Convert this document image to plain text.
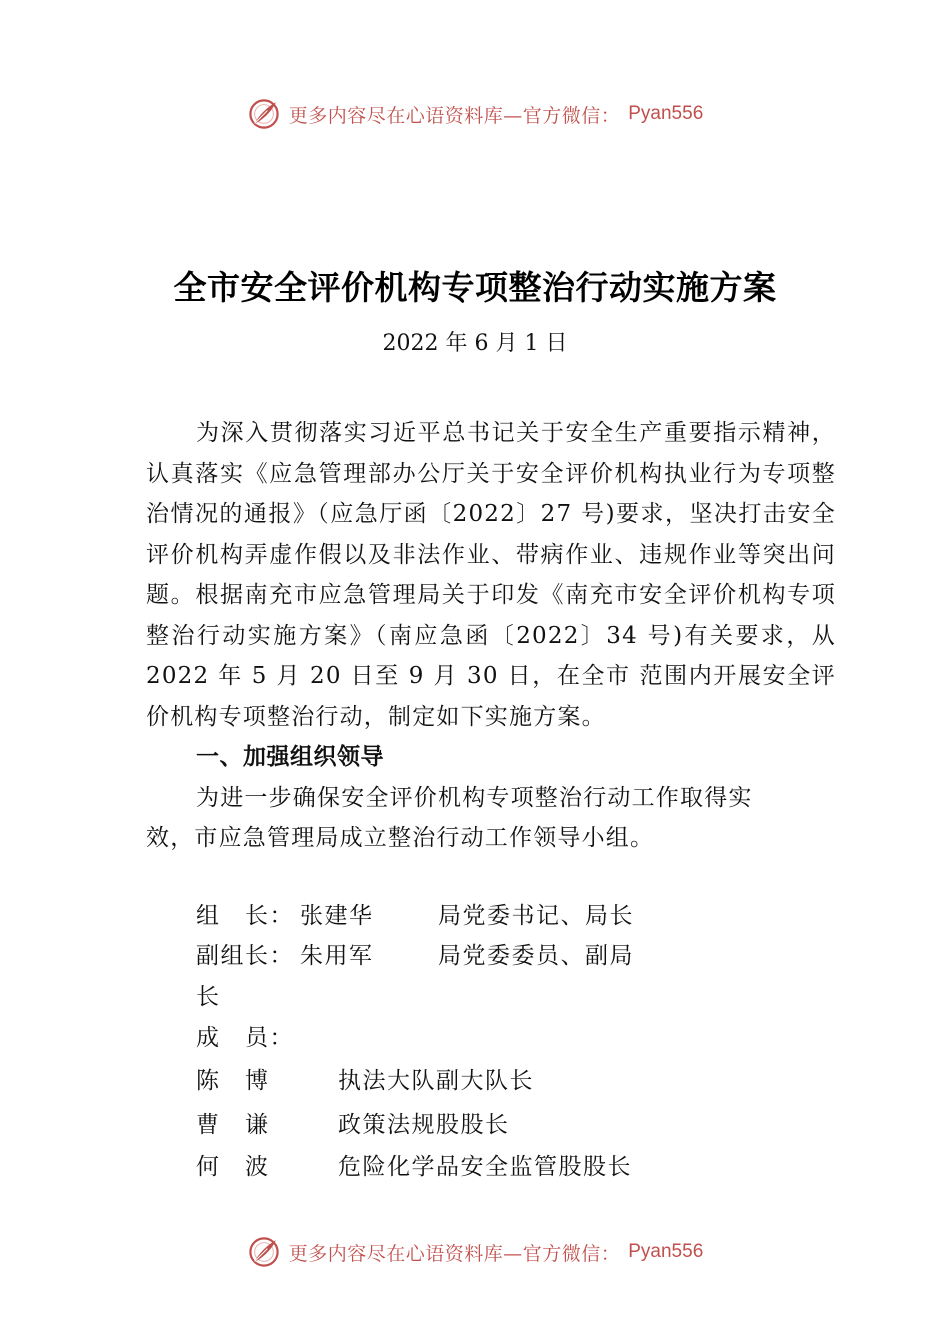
更多内容尽在心语资料库—官方微信： Pyan556
全市安全评价机构专项整治行动实施方案
2022 年 6 月 1 日

为深入贯彻落实习近平总书记关于安全生产重要指示精神，认真落实《应急管理部办公厅关于安全评价机构执业行为专项整治情况的通报》（应急厅函〔2022〕27 号)要求，坚决打击安全评价机构弄虚作假以及非法作业、带病作业、违规作业等突出问题。根据南充市应急管理局关于印发《南充市安全评价机构专项整治行动实施方案》（南应急函〔2022〕34 号)有关要求，从 2022 年 5 月 20 日至 9 月 30 日，在全市 范围内开展安全评价机构专项整治行动，制定如下实施方案。

一、加强组织领导

为进一步确保安全评价机构专项整治行动工作取得实效，市应急管理局成立整治行动工作领导小组。

组　长： 张建华	局党委书记、局长
副组长： 朱用军	局党委委员、副局
长
成　员：
陈　博	执法大队副大队长
曹　谦	政策法规股股长
何　波	危险化学品安全监管股股长
更多内容尽在心语资料库—官方微信： Pyan556
